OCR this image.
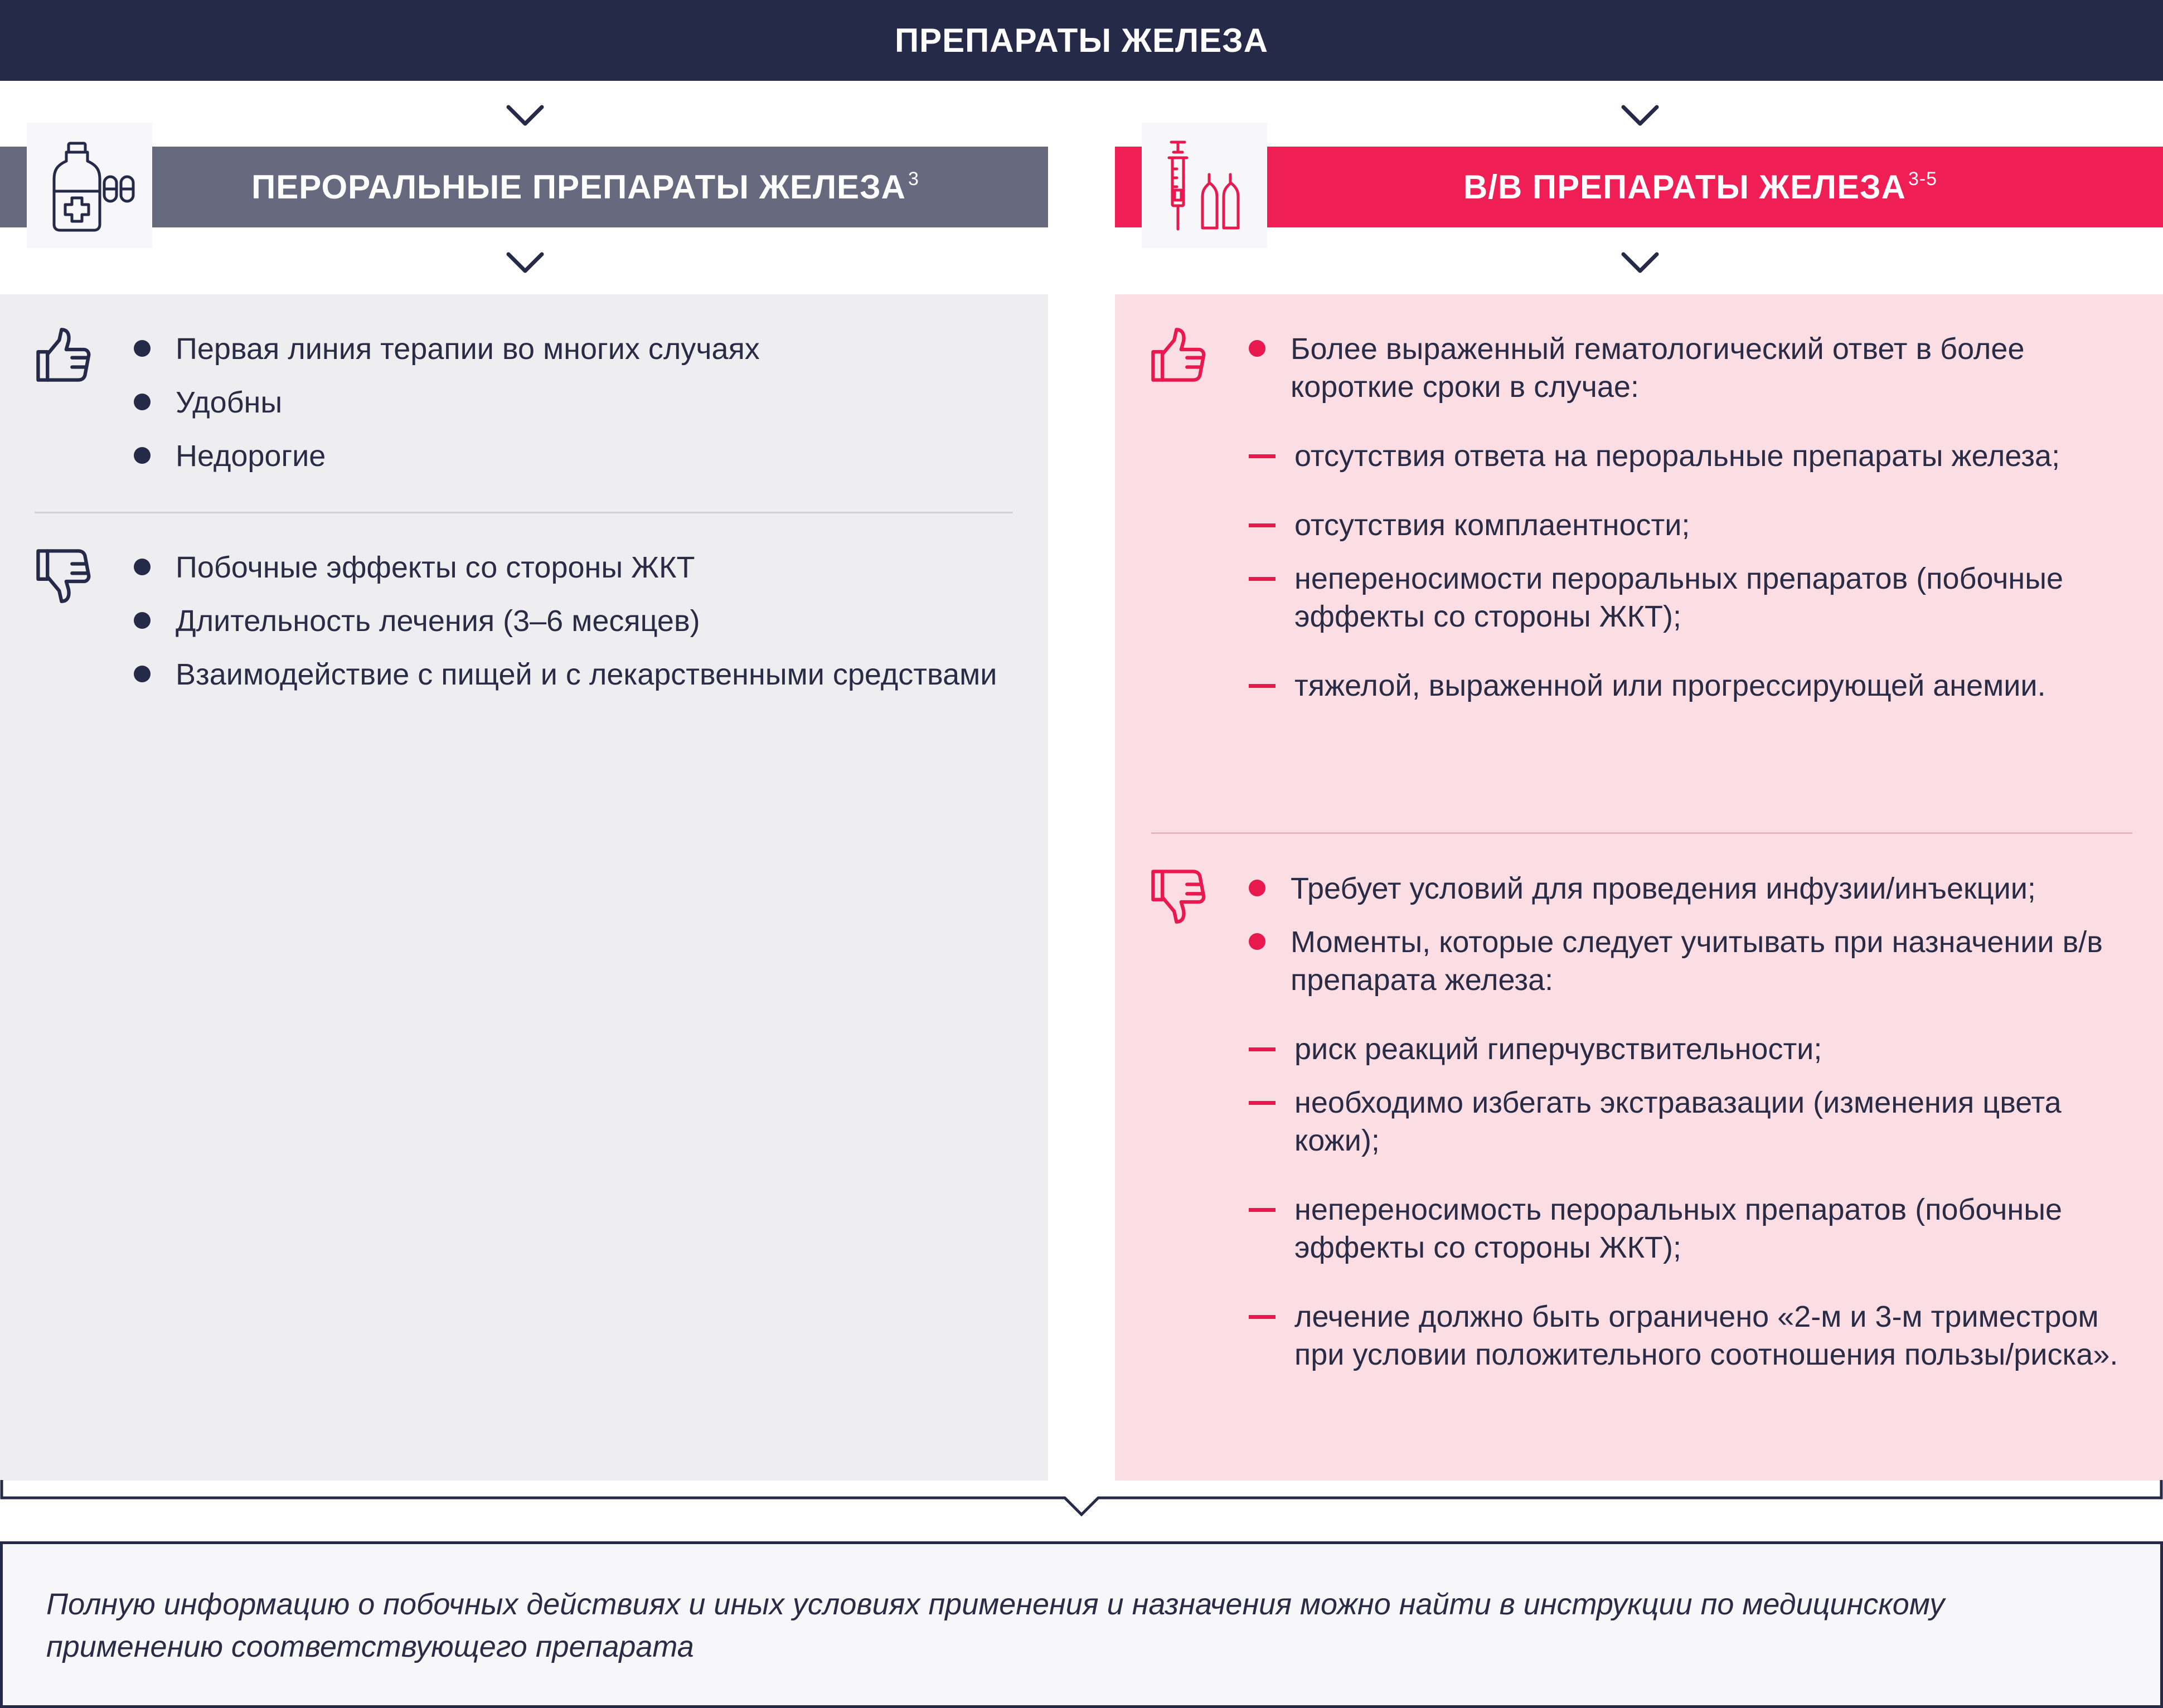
ПРЕПАРАТЫ ЖЕЛЕЗА
ПЕРОРАЛЬНЫЕ ПРЕПАРАТЫ ЖЕЛЕЗА$^3$	В/В ПРЕПАРАТЫ ЖЕЛЕЗА$^{3-5}$
Первая линия терапии во многих случаях
Удобны
Недорогие
Побочные эффекты со стороны ЖКТ
Длительность лечения (3–6 месяцев)
Взаимодействие с пищей и с лекарственными средствами
Более выраженный гематологический ответ в более короткие сроки в случае:
отсутствия ответа на пероральные препараты железа;
отсутствия комплаентности;
непереносимости пероральных препаратов (побочные эффекты со стороны ЖКТ);
тяжелой, выраженной или прогрессирующей анемии.
Требует условий для проведения инфузии/инъекции;
Моменты, которые следует учитывать при назначении в/в препарата железа:
риск реакций гиперчувствительности;
необходимо избегать экстравазации (изменения цвета кожи);
непереносимость пероральных препаратов (побочные эффекты со стороны ЖКТ);
лечение должно быть ограничено «2-м и 3-м триместром при условии положительного соотношения пользы/риска».

Полную информацию о побочных действиях и иных условиях применения и назначения можно найти в инструкции по медицинскому применению соответствующего препарата
